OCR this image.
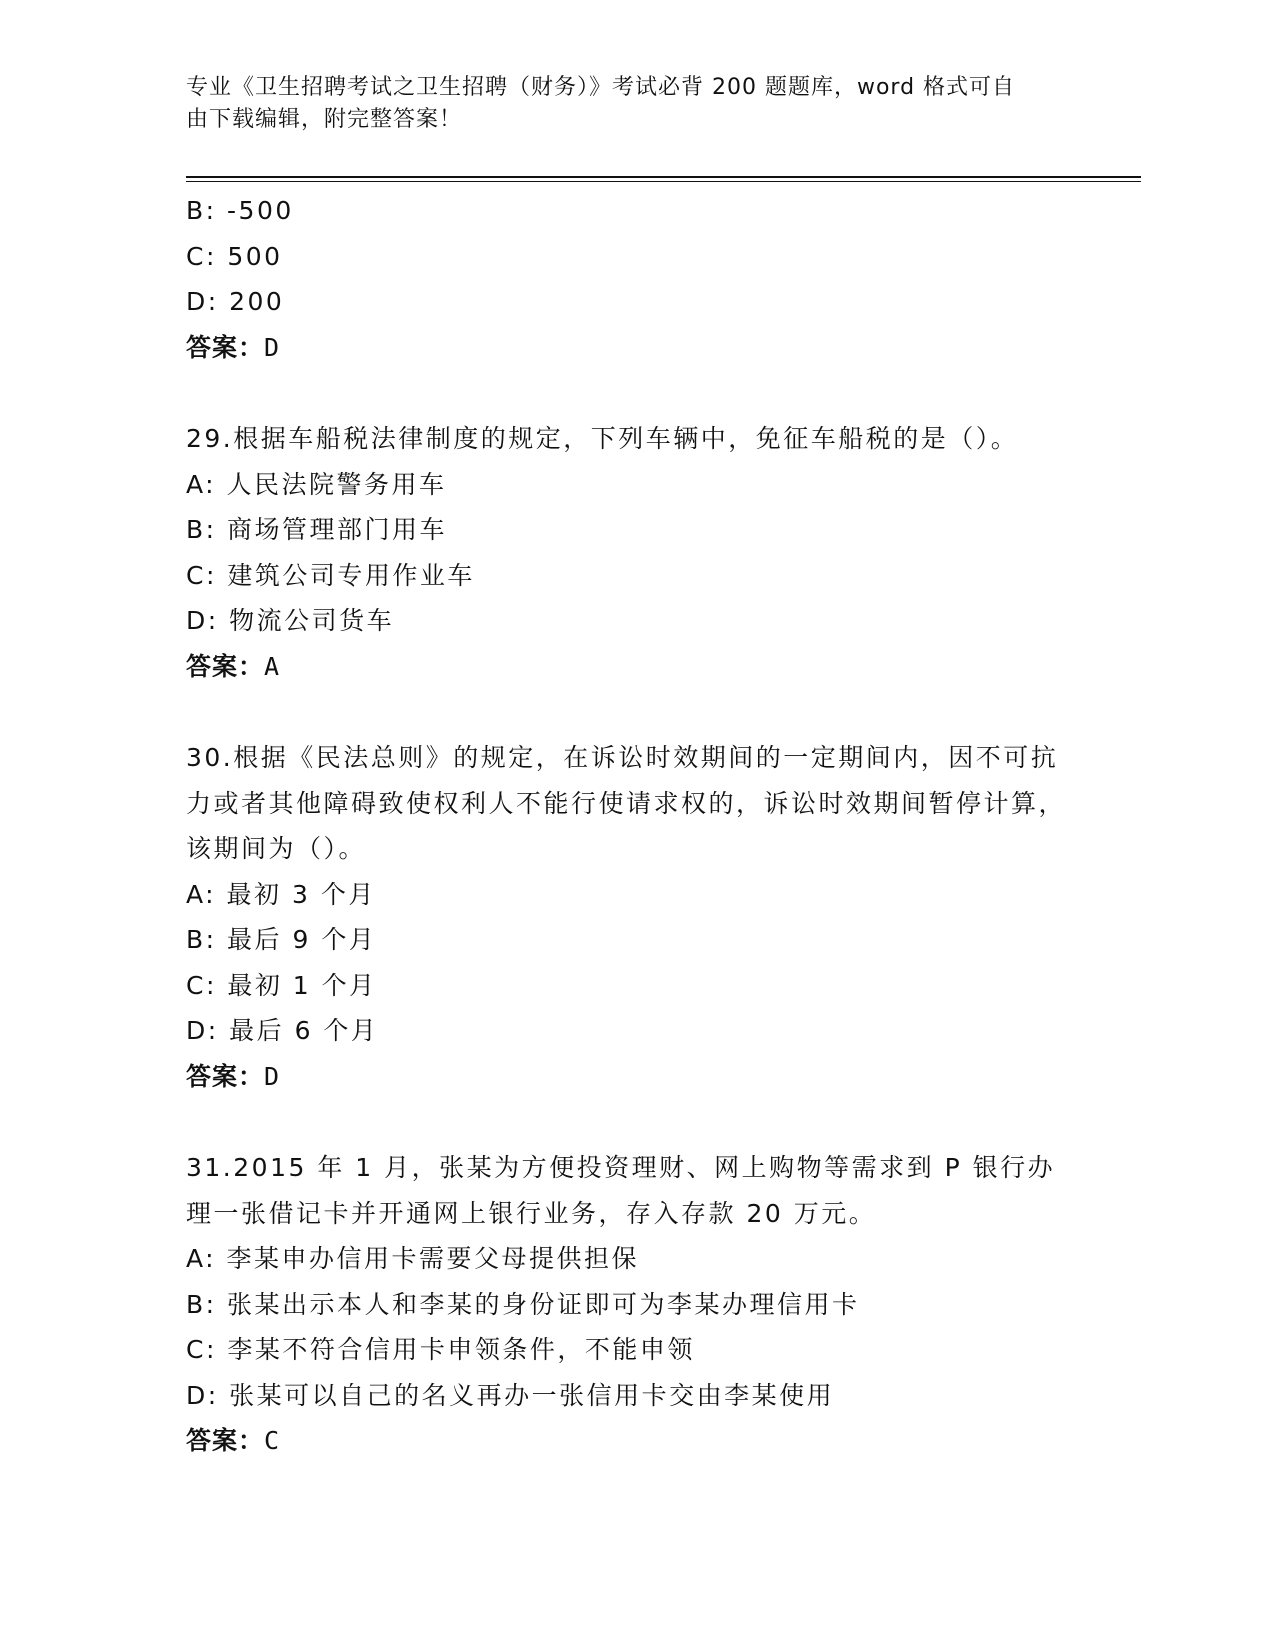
专业《卫生招聘考试之卫生招聘（财务）》考试必背 200 题题库，word 格式可自
由下载编辑，附完整答案！
B: -500
C: 500
D: 200
答案：D
29.根据车船税法律制度的规定，下列车辆中，免征车船税的是（）。
A: 人民法院警务用车
B: 商场管理部门用车
C: 建筑公司专用作业车
D: 物流公司货车
答案：A
30.根据《民法总则》的规定，在诉讼时效期间的一定期间内，因不可抗力或者其他障碍致使权利人不能行使请求权的，诉讼时效期间暂停计算，该期间为（）。
A: 最初 3 个月
B: 最后 9 个月
C: 最初 1 个月
D: 最后 6 个月
答案：D
31.2015 年 1 月，张某为方便投资理财、网上购物等需求到 P 银行办理一张借记卡并开通网上银行业务，存入存款 20 万元。
A: 李某申办信用卡需要父母提供担保
B: 张某出示本人和李某的身份证即可为李某办理信用卡
C: 李某不符合信用卡申领条件，不能申领
D: 张某可以自己的名义再办一张信用卡交由李某使用
答案：C
